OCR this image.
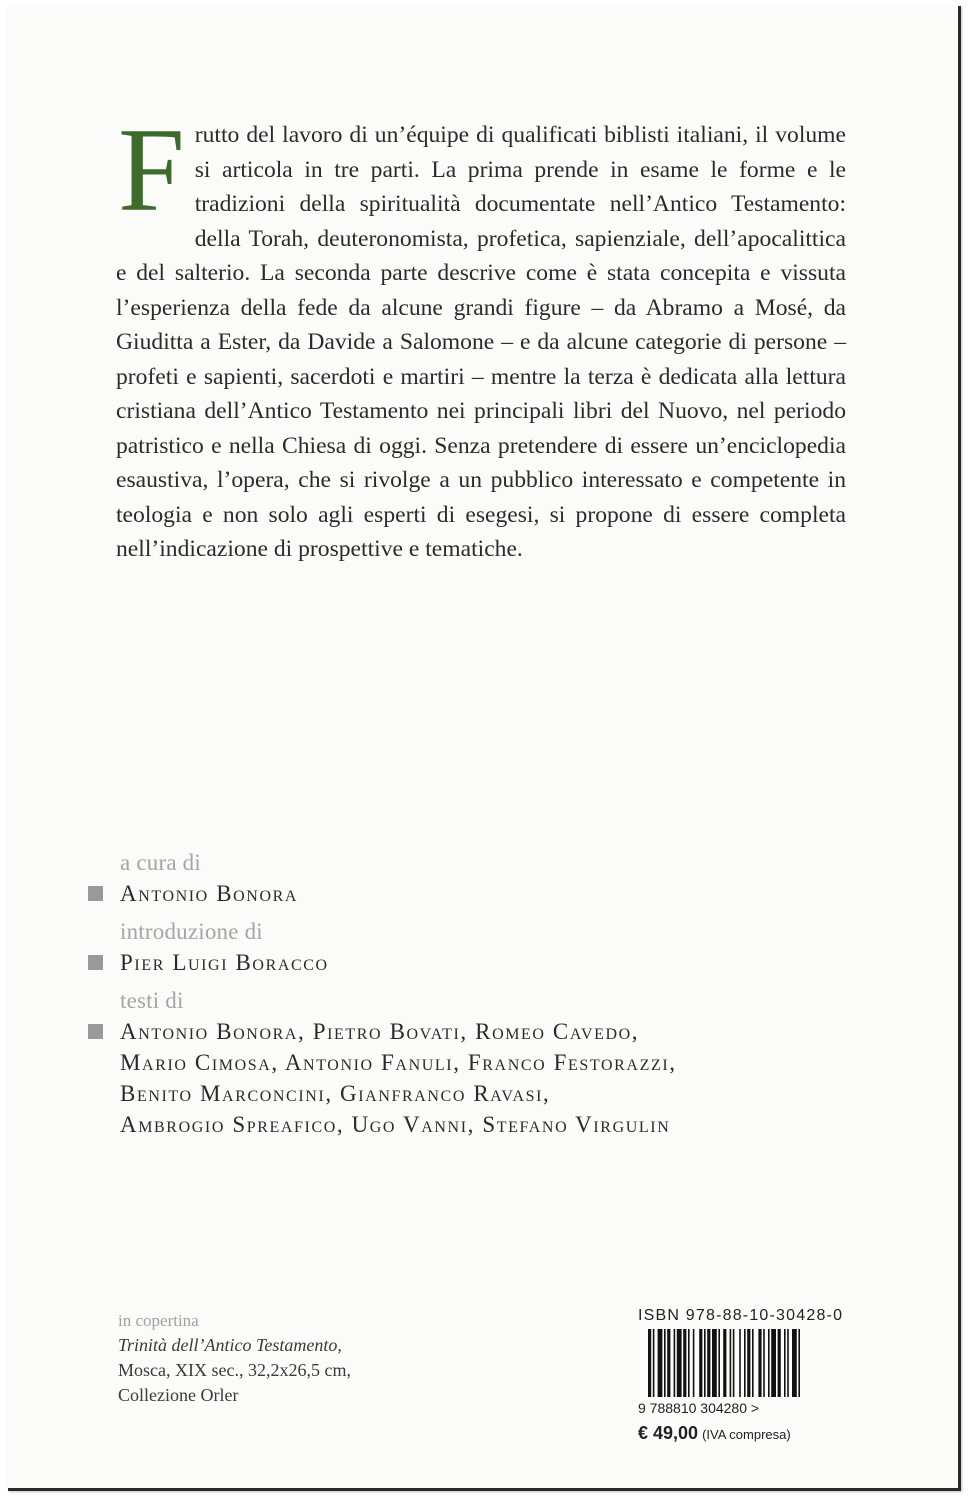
Frutto del lavoro di un’équipe di qualificati biblisti italiani, il volume si articola in tre parti. La prima prende in esame le forme e le tradizioni della spiritualità documentate nell’Antico Testamento: della Torah, deuteronomista, profetica, sapienziale, dell’apocalittica e del salterio. La seconda parte descrive come è stata concepita e vissuta l’esperienza della fede da alcune grandi figure – da Abramo a Mosé, da Giuditta a Ester, da Davide a Salomone – e da alcune categorie di persone – profeti e sapienti, sacerdoti e martiri – mentre la terza è dedicata alla lettura cristiana dell’Antico Testamento nei principali libri del Nuovo, nel periodo patristico e nella Chiesa di oggi. Senza pretendere di essere un’enciclopedia esaustiva, l’opera, che si rivolge a un pubblico interessato e competente in teologia e non solo agli esperti di esegesi, si propone di essere completa nell’indicazione di prospettive e tematiche.
a cura di
Antonio Bonora
introduzione di
Pier Luigi Boracco
testi di
Antonio Bonora, Pietro Bovati, Romeo Cavedo,
Mario Cimosa, Antonio Fanuli, Franco Festorazzi,
Benito Marconcini, Gianfranco Ravasi,
Ambrogio Spreafico, Ugo Vanni, Stefano Virgulin
in copertina
Trinità dell’Antico Testamento,
Mosca, XIX sec., 32,2x26,5 cm,
Collezione Orler
ISBN 978-88-10-30428-0
9 788810 304280 >
€ 49,00 (IVA compresa)
